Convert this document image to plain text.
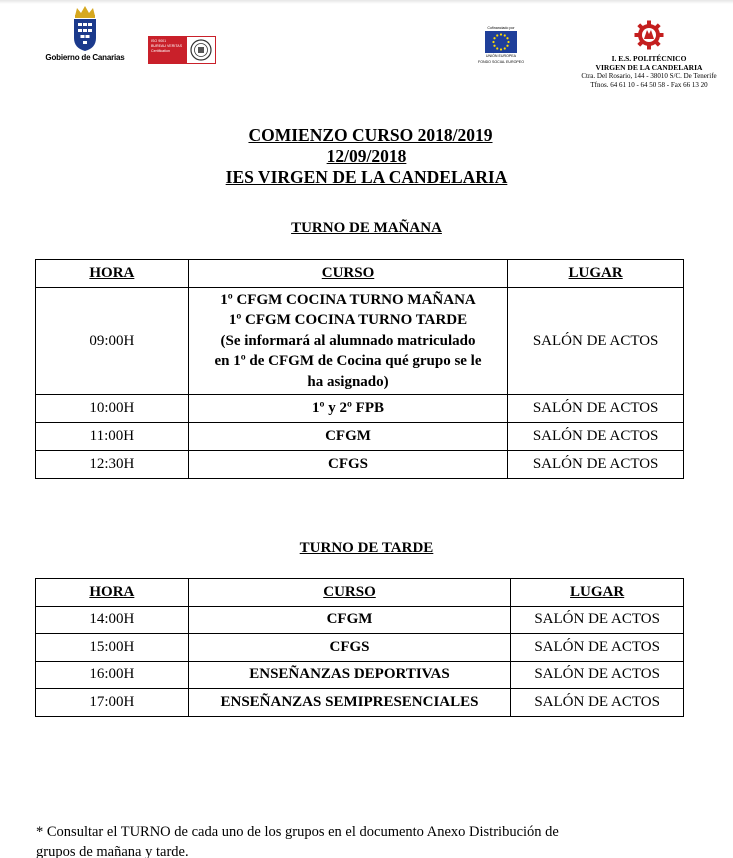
Gobierno de Canarias
ISO 9001
BUREAU VERITAS
Certification
Cofinanciado por
UNIÓN EUROPEA
FONDO SOCIAL EUROPEO	I. E.S. POLITÉCNICO
VIRGEN DE LA CANDELARIA
Ctra. Del Rosario, 144 - 38010 S/C. De Tenerife
Tfnos. 64 61 10 - 64 50 58 - Fax 66 13 20
COMIENZO CURSO 2018/2019
12/09/2018
IES VIRGEN DE LA CANDELARIA
TURNO DE MAÑANA
HORA	CURSO	LUGAR
09:00H	1º CFGM COCINA TURNO MAÑANA
1º CFGM COCINA TURNO TARDE
(Se informará al alumnado matriculado
en 1º de CFGM de Cocina qué grupo se le
ha asignado)	SALÓN DE ACTOS
10:00H	1º y 2º FPB	SALÓN DE ACTOS
11:00H	CFGM	SALÓN DE ACTOS
12:30H	CFGS	SALÓN DE ACTOS
TURNO DE TARDE
HORA	CURSO	LUGAR
14:00H	CFGM	SALÓN DE ACTOS
15:00H	CFGS	SALÓN DE ACTOS
16:00H	ENSEÑANZAS DEPORTIVAS	SALÓN DE ACTOS
17:00H	ENSEÑANZAS SEMIPRESENCIALES	SALÓN DE ACTOS
* Consultar el TURNO de cada uno de los grupos en el documento Anexo Distribución de
grupos de mañana y tarde.
